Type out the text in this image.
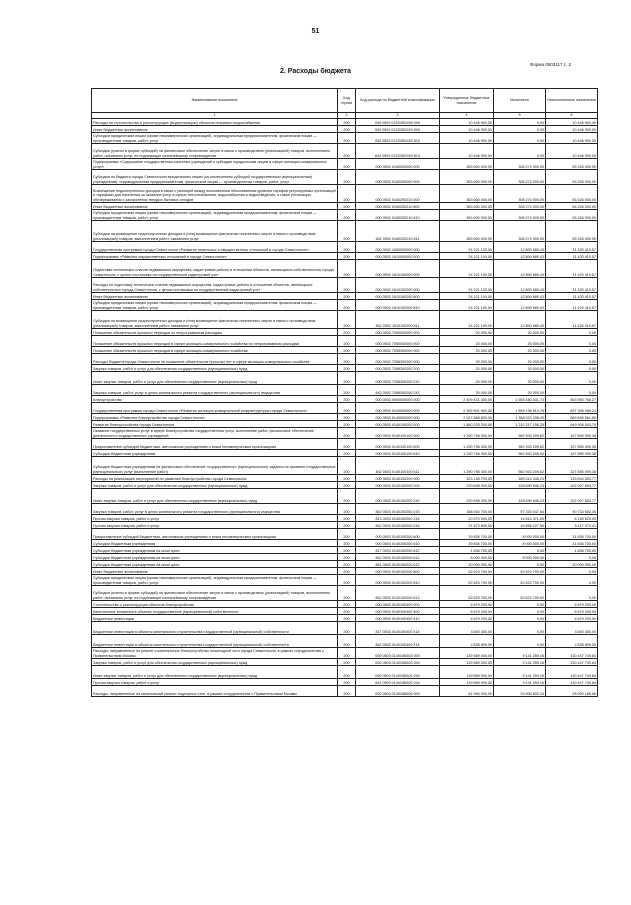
51
Форма 0503117 с. 2
2. Расходы бюджета
Наименование показателя	Код строки	Код расхода по бюджетной классификации	Утвержденные бюджетные назначения	Исполнено	Неисполненные назначения
1	2	3	4	5	6
Расходы на строительство и реконструкцию (модернизацию) объектов питьевого водоснабжения	200	000 0502 013G552430 000	10 446 900,00	0,00	10 446 900,00
Иные бюджетные ассигнования	200	000 0502 013G552430 800	10 446 900,00	0,00	10 446 900,00
Субсидии юридическим лицам (кроме некоммерческих организаций), индивидуальным предпринимателям, физическим лицам — производителям товаров, работ, услуг	200	000 0502 013G552430 810	10 446 900,00	0,00	10 446 900,00
Субсидии (гранты в форме субсидий) на финансовое обеспечение затрат в связи с производством (реализацией) товаров, выполнением работ, оказанием услуг, не подлежащие казначейскому сопровождению	200	842 0502 013G552430 813	10 446 900,00	0,00	10 446 900,00
Подпрограмма «Содержание государственных казенных учреждений и субсидии юридическим лицам в сфере жилищно-коммунальных услуг»	200	000 0502 0160000000 000	363 600 000,00	308 274 000,00	55 326 000,00
Субсидии из бюджета города Севастополя юридическим лицам (за исключением субсидий государственным (муниципальным) учреждениям), индивидуальным предпринимателям, физическим лицам — производителям товаров, работ, услуг	200	000 0502 0160200000 000	363 600 000,00	308 274 000,00	55 326 000,00
Возмещение недополученных доходов в связи с разницей между экономически обоснованным уровнем тарифов регулируемых организаций и тарифами для населения за оказание услуг в сфере теплоснабжения, водоснабжения и водоотведения, а также утилизации, обезвреживания и захоронения твердых бытовых отходов	200	000 0502 0160200210 000	363 600 000,00	308 274 000,00	55 326 000,00
Иные бюджетные ассигнования	200	000 0502 0160200210 800	363 600 000,00	308 274 000,00	55 326 000,00
Субсидии юридическим лицам (кроме некоммерческих организаций), индивидуальным предпринимателям, физическим лицам — производителям товаров, работ, услуг	200	000 0502 0160200210 810	363 600 000,00	308 274 000,00	55 326 000,00
Субсидии на возмещение недополученных доходов и (или) возмещение фактически понесенных затрат в связи с производством (реализацией) товаров, выполнением работ, оказанием услуг	200	842 0502 0160200210 811	363 600 000,00	308 274 000,00	55 326 000,00
Государственная программа города Севастополя «Развитие земельных и имущественных отношений в городе Севастополе»	200	000 0502 1600000000 000	24 221 100,00	12 800 689,43	11 420 410,57
Подпрограмма «Развитие имущественных отношений в городе Севастополе»	200	000 0502 1610000000 000	24 221 100,00	12 800 689,43	11 420 410,57
Подготовка технических планов недвижимого имущества, кадастровые работы в отношении объектов, являющихся собственностью города Севастополя, с целью постановки на государственный кадастровый учет	200	000 0502 1610100000 000	24 221 100,00	12 800 689,43	11 420 410,57
Расходы на подготовку технических планов недвижимого имущества, кадастровые работы в отношении объектов, являющихся собственностью города Севастополя, с целью постановки на государственный кадастровый учет	200	000 0502 1610100200 000	24 221 100,00	12 800 689,43	11 420 410,57
Иные бюджетные ассигнования	200	000 0502 1610100200 800	24 221 100,00	12 800 689,43	11 420 410,57
Субсидии юридическим лицам (кроме некоммерческих организаций), индивидуальным предпринимателям, физическим лицам — производителям товаров, работ, услуг	200	000 0502 1610100200 810	24 221 100,00	12 800 689,43	11 420 410,57
Субсидии на возмещение недополученных доходов и (или) возмещение фактически понесенных затрат в связи с производством (реализацией) товаров, выполнением работ, оказанием услуг	200	842 0502 1610100200 811	24 221 100,00	12 800 689,43	11 420 410,57
Погашение обязательств прошлых периодов по непрограммным расходам	200	000 0502 7000000000 000	20 000,00	20 000,00	0,00
Погашение обязательств прошлых периодов в сфере жилищно-коммунального хозяйства по непрограммным расходам	200	000 0502 7050000000 000	20 000,00	20 000,00	0,00
Погашение обязательств прошлых периодов в сфере жилищно-коммунального хозяйства	200	000 0502 7058300000 000	20 000,00	20 000,00	0,00
Расходы бюджета города Севастополя на погашение обязательств прошлых лет в сфере жилищно-коммунального хозяйства	200	000 0502 7058300200 000	20 000,00	20 000,00	0,00
Закупка товаров, работ и услуг для обеспечения государственных (муниципальных) нужд	200	000 0502 7058300200 200	20 000,00	20 000,00	0,00
Иные закупки товаров, работ и услуг для обеспечения государственных (муниципальных) нужд	200	000 0502 7058300200 240	20 000,00	20 000,00	0,00
Закупка товаров, работ, услуг в целях капитального ремонта государственного (муниципального) имущества	200	842 0502 7058300200 243	20 000,00	20 000,00	0,00
Благоустройство	200	000 0503 0000000000 000	2 409 431 300,00	1 555 480 531,73	853 950 768,27
Государственная программа города Севастополя «Развитие жилищно-коммунальной инфраструктуры города Севастополя»	200	000 0503 0100000000 000	2 392 501 900,00	1 555 196 613,76	837 305 286,24
Подпрограмма «Развитие благоустройства города Севастополя»	200	000 0503 0140000000 000	2 027 868 600,00	1 358 023 038,40	669 845 561,60
Развитие благоустройства города Севастополя	200	000 0503 0140100000 000	1 860 225 200,00	1 210 317 156,25	649 908 043,75
Оказание государственных услуг в сфере благоустройства государственных услуг, выполнение работ, финансовое обеспечение деятельности государственных учреждений	200	000 0503 0140100100 000	1 290 798 300,00	962 943 209,62	327 855 090,38
Предоставление субсидий бюджетным, автономным учреждениям и иным некоммерческим организациям	200	000 0503 0140100100 600	1 290 798 300,00	962 943 209,62	327 855 090,38
Субсидии бюджетным учреждениям	200	000 0503 0140100100 610	1 290 798 300,00	962 943 209,62	327 855 090,38
Субсидии бюджетным учреждениям на финансовое обеспечение государственного (муниципального) задания на оказание государственных (муниципальных) услуг (выполнение работ)	200	842 0503 0140100100 611	1 290 798 300,00	962 943 209,62	327 855 090,38
Расходы на реализацию мероприятий по развитию благоустройства города Севастополя	200	000 0503 0140100200 000	323 158 700,00	189 314 346,23	133 844 353,77
Закупка товаров, работ и услуг для обеспечения государственных (муниципальных) нужд	200	000 0503 0140100200 200	230 698 300,00	128 690 646,23	102 007 653,77
Иные закупки товаров, работ и услуг для обеспечения государственных (муниципальных) нужд	200	000 0503 0140100200 240	230 698 300,00	128 690 646,23	102 007 653,77
Закупка товаров, работ, услуг в целях капитального ремонта государственного (муниципального) имущества	200	842 0503 0140100200 243	188 054 700,00	97 320 047,64	90 734 652,36
Прочая закупка товаров, работ и услуг	200	813 0503 0140100200 244	20 970 000,00	14 814 371,00	6 155 629,00
Прочая закупка товаров, работ и услуг	200	842 0503 0140100200 244	21 673 600,00	16 556 227,59	5 117 372,41
Предоставление субсидий бюджетным, автономным учреждениям и иным некоммерческим организациям	200	000 0503 0140100200 600	39 836 700,00	8 000 000,00	31 836 700,00
Субсидии бюджетным учреждениям	200	000 0503 0140100200 610	39 836 700,00	8 000 000,00	31 836 700,00
Субсидии бюджетным учреждениям на иные цели	200	817 0503 0140100200 612	1 836 700,00	0,00	1 836 700,00
Субсидии бюджетным учреждениям на иные цели	200	842 0503 0140100200 612	8 000 000,00	8 000 000,00	0,00
Субсидии бюджетным учреждениям на иные цели	200	861 0503 0140100200 612	30 000 000,00	0,00	30 000 000,00
Иные бюджетные ассигнования	200	000 0503 0140100200 800	52 623 700,00	52 623 700,00	0,00
Субсидии юридическим лицам (кроме некоммерческих организаций), индивидуальным предпринимателям, физическим лицам — производителям товаров, работ, услуг	200	000 0503 0140100200 810	52 623 700,00	52 623 700,00	0,00
Субсидии (гранты в форме субсидий) на финансовое обеспечение затрат в связи с производством (реализацией) товаров, выполнением работ, оказанием услуг, не подлежащие казначейскому сопровождению	200	842 0503 0140100200 813	52 623 700,00	52 623 700,00	0,00
Строительство и реконструкция объектов благоустройства	200	000 0503 0140100400 000	6 679 200,00	0,00	6 679 200,00
Капитальные вложения в объекты государственной (муниципальной) собственности	200	000 0503 0140100400 400	6 679 200,00	0,00	6 679 200,00
Бюджетные инвестиции	200	000 0503 0140100400 410	6 679 200,00	0,00	6 679 200,00
Бюджетные инвестиции в объекты капитального строительства государственной (муниципальной) собственности	200	817 0503 0140100400 414	3 840 400,00	0,00	3 840 400,00
Бюджетные инвестиции в объекты капитального строительства государственной (муниципальной) собственности	200	842 0503 0140100400 414	2 838 800,00	0,00	2 838 800,00
Расходы, направленные на ремонт и комплексное благоустройство пешеходной сети города Севастополя, в рамках сотрудничества с Правительством Москвы	200	000 0503 014016Б603 000	139 589 000,00	9 141 259,16	130 447 740,84
Закупка товаров, работ и услуг для обеспечения государственных (муниципальных) нужд	200	000 0503 014016Б603 200	139 589 000,00	9 141 259,16	130 447 740,84
Иные закупки товаров, работ и услуг для обеспечения государственных (муниципальных) нужд	200	000 0503 014016Б603 240	139 589 000,00	9 141 259,16	130 447 740,84
Прочая закупка товаров, работ и услуг	200	842 0503 014016Б603 244	139 589 000,00	9 141 259,16	130 447 740,84
Расходы, направленные на капитальный ремонт подпорных стен, в рамках сотрудничества с Правительством Москвы	200	000 0503 014016Б604 000	61 994 000,00	33 900 833,34	28 093 166,66
